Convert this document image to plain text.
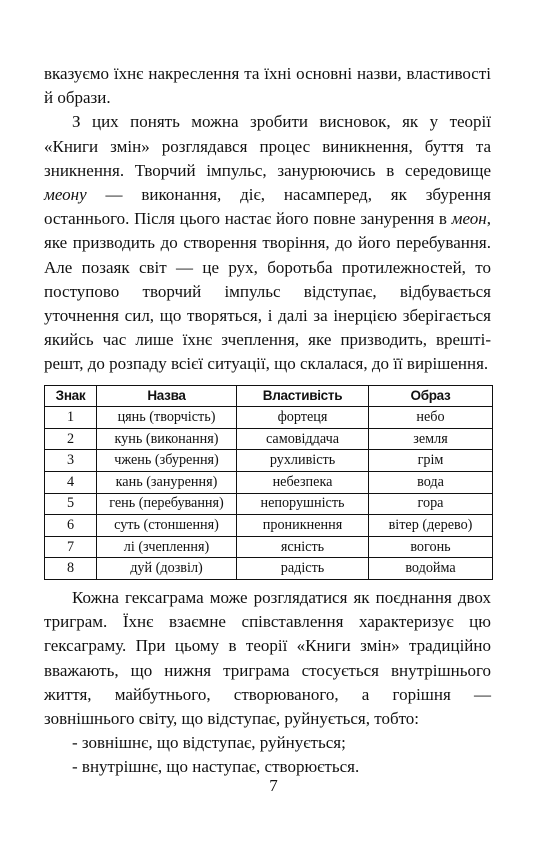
вказуємо їхнє накреслення та їхні основні назви, властивості й образи.

З цих понять можна зробити висновок, як у теорії «Книги змін» розглядався процес виникнення, буття та зникнення. Творчий імпульс, занурюючись в середовище меону — виконання, діє, насамперед, як збурення останнього. Після цього настає його повне занурення в меон, яке призводить до створення творіння, до його перебування. Але позаяк світ — це рух, боротьба протилежностей, то поступово творчий імпульс відступає, відбувається уточнення сил, що творяться, і далі за інерцією зберігається якийсь час лише їхнє зчеплення, яке призводить, врешті-решт, до розпаду всієї ситуації, що склалася, до її вирішення.

Знак	Назва	Властивість	Образ
1	цянь (творчість)	фортеця	небо
2	кунь (виконання)	самовіддача	земля
3	чжень (збурення)	рухливість	грім
4	кань (занурення)	небезпека	вода
5	гень (перебування)	непорушність	гора
6	суть (стоншення)	проникнення	вітер (дерево)
7	лі (зчеплення)	ясність	вогонь
8	дуй (дозвіл)	радість	водойма

Кожна гексаграма може розглядатися як поєднання двох триграм. Їхнє взаємне співставлення характеризує цю гексаграму. При цьому в теорії «Книги змін» традиційно вважають, що нижня триграма стосується внутрішнього життя, майбутнього, створюваного, а горішня — зовнішнього світу, що відступає, руйнується, тобто:

- зовнішнє, що відступає, руйнується;

- внутрішнє, що наступає, створюється.

7
